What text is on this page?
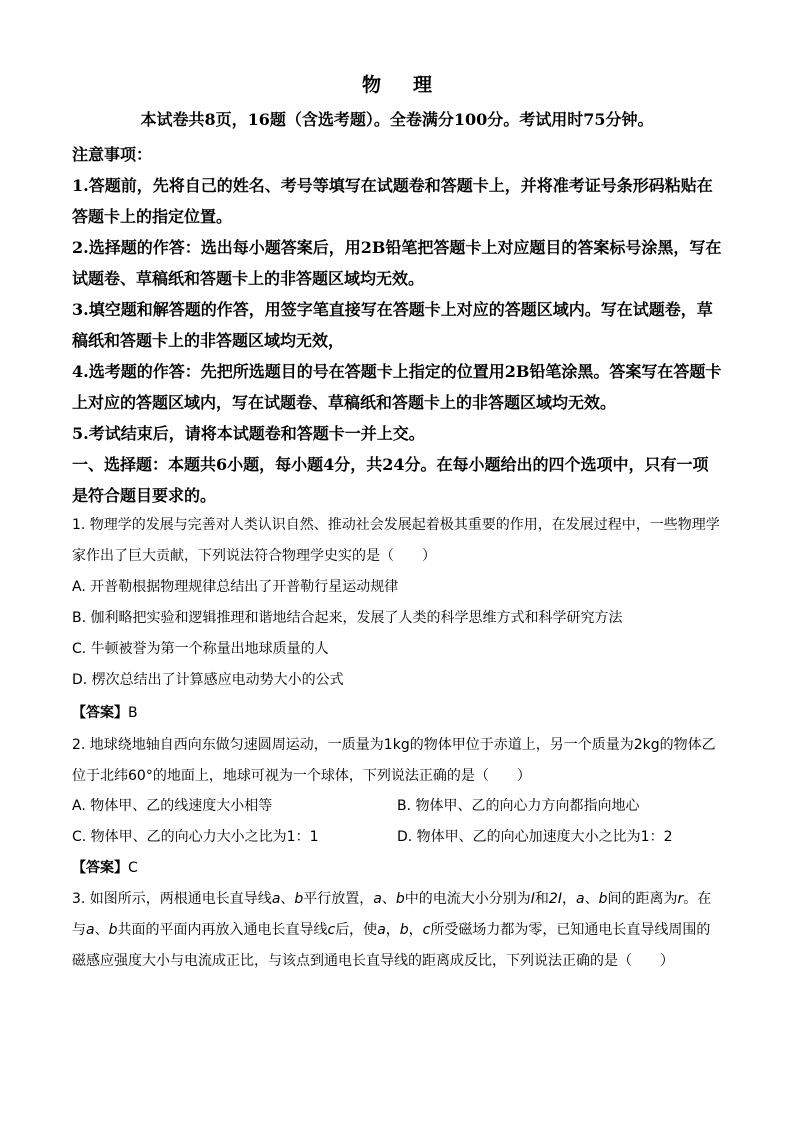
物 理
本试卷共8页，16题（含选考题）。全卷满分100分。考试用时75分钟。
注意事项：
1.答题前，先将自己的姓名、考号等填写在试题卷和答题卡上，并将准考证号条形码粘贴在
答题卡上的指定位置。
2.选择题的作答：选出每小题答案后，用2B铅笔把答题卡上对应题目的答案标号涂黑，写在
试题卷、草稿纸和答题卡上的非答题区域均无效。
3.填空题和解答题的作答，用签字笔直接写在答题卡上对应的答题区域内。写在试题卷，草
稿纸和答题卡上的非答题区域均无效，
4.选考题的作答：先把所选题目的号在答题卡上指定的位置用2B铅笔涂黑。答案写在答题卡
上对应的答题区域内，写在试题卷、草稿纸和答题卡上的非答题区域均无效。
5.考试结束后，请将本试题卷和答题卡一并上交。
一、选择题：本题共6小题，每小题4分，共24分。在每小题给出的四个选项中，只有一项
是符合题目要求的。
1. 物理学的发展与完善对人类认识自然、推动社会发展起着极其重要的作用，在发展过程中，一些物理学
家作出了巨大贡献，下列说法符合物理学史实的是（　　）
A. 开普勒根据物理规律总结出了开普勒行星运动规律
B. 伽利略把实验和逻辑推理和谐地结合起来，发展了人类的科学思维方式和科学研究方法
C. 牛顿被誉为第一个称量出地球质量的人
D. 楞次总结出了计算感应电动势大小的公式
【答案】B
2. 地球绕地轴自西向东做匀速圆周运动，一质量为1kg的物体甲位于赤道上，另一个质量为2kg的物体乙
位于北纬60°的地面上，地球可视为一个球体，下列说法正确的是（　　）
A. 物体甲、乙的线速度大小相等	B. 物体甲、乙的向心力方向都指向地心
C. 物体甲、乙的向心力大小之比为1：1	D. 物体甲、乙的向心加速度大小之比为1：2
【答案】C
3. 如图所示，两根通电长直导线a、b平行放置，a、b中的电流大小分别为I和2I，a、b间的距离为r。在
与a、b共面的平面内再放入通电长直导线c后，使a，b，c所受磁场力都为零，已知通电长直导线周围的
磁感应强度大小与电流成正比，与该点到通电长直导线的距离成反比，下列说法正确的是（　　）
